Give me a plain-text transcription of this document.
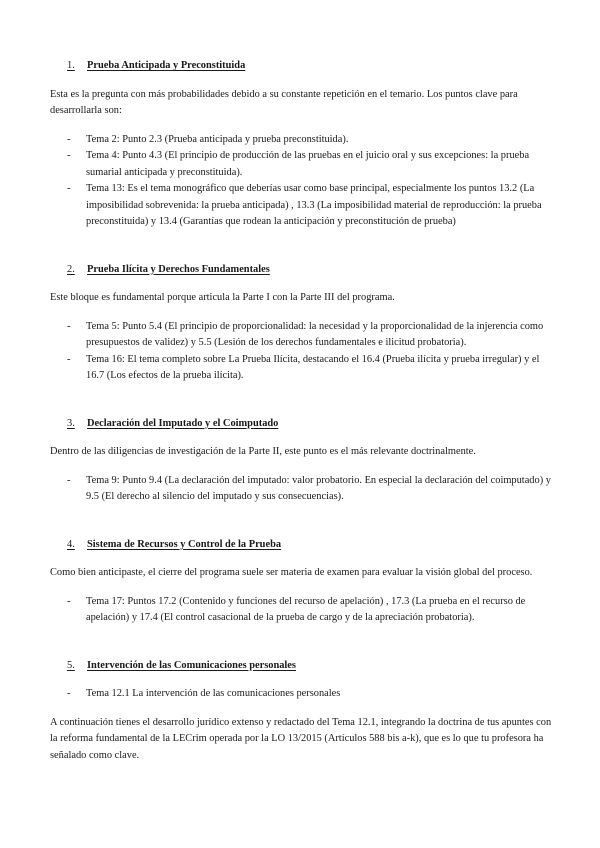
1.	Prueba Anticipada y Preconstituida

Esta es la pregunta con más probabilidades debido a su constante repetición en el temario. Los puntos clave para desarrollarla son:

-	Tema 2: Punto 2.3 (Prueba anticipada y prueba preconstituida).
-	Tema 4: Punto 4.3 (El principio de producción de las pruebas en el juicio oral y sus excepciones: la prueba sumarial anticipada y preconstituida).
-	Tema 13: Es el tema monográfico que deberías usar como base principal, especialmente los puntos 13.2 (La imposibilidad sobrevenida: la prueba anticipada) , 13.3 (La imposibilidad material de reproducción: la prueba preconstituida) y 13.4 (Garantías que rodean la anticipación y preconstitución de prueba)
2.	Prueba Ilícita y Derechos Fundamentales

Este bloque es fundamental porque articula la Parte I con la Parte III del programa.

-	Tema 5: Punto 5.4 (El principio de proporcionalidad: la necesidad y la proporcionalidad de la injerencia como presupuestos de validez) y 5.5 (Lesión de los derechos fundamentales e ilicitud probatoria).
-	Tema 16: El tema completo sobre La Prueba Ilícita, destacando el 16.4 (Prueba ilícita y prueba irregular) y el 16.7 (Los efectos de la prueba ilícita).
3.	Declaración del Imputado y el Coimputado

Dentro de las diligencias de investigación de la Parte II, este punto es el más relevante doctrinalmente.

-	Tema 9: Punto 9.4 (La declaración del imputado: valor probatorio. En especial la declaración del coimputado) y 9.5 (El derecho al silencio del imputado y sus consecuencias).
4.	Sistema de Recursos y Control de la Prueba

Como bien anticipaste, el cierre del programa suele ser materia de examen para evaluar la visión global del proceso.

-	Tema 17: Puntos 17.2 (Contenido y funciones del recurso de apelación) , 17.3 (La prueba en el recurso de apelación) y 17.4 (El control casacional de la prueba de cargo y de la apreciación probatoria).
5.	Intervención de las Comunicaciones personales
-	Tema 12.1 La intervención de las comunicaciones personales

A continuación tienes el desarrollo jurídico extenso y redactado del Tema 12.1, integrando la doctrina de tus apuntes con la reforma fundamental de la LECrim operada por la LO 13/2015 (Artículos 588 bis a-k), que es lo que tu profesora ha señalado como clave.
